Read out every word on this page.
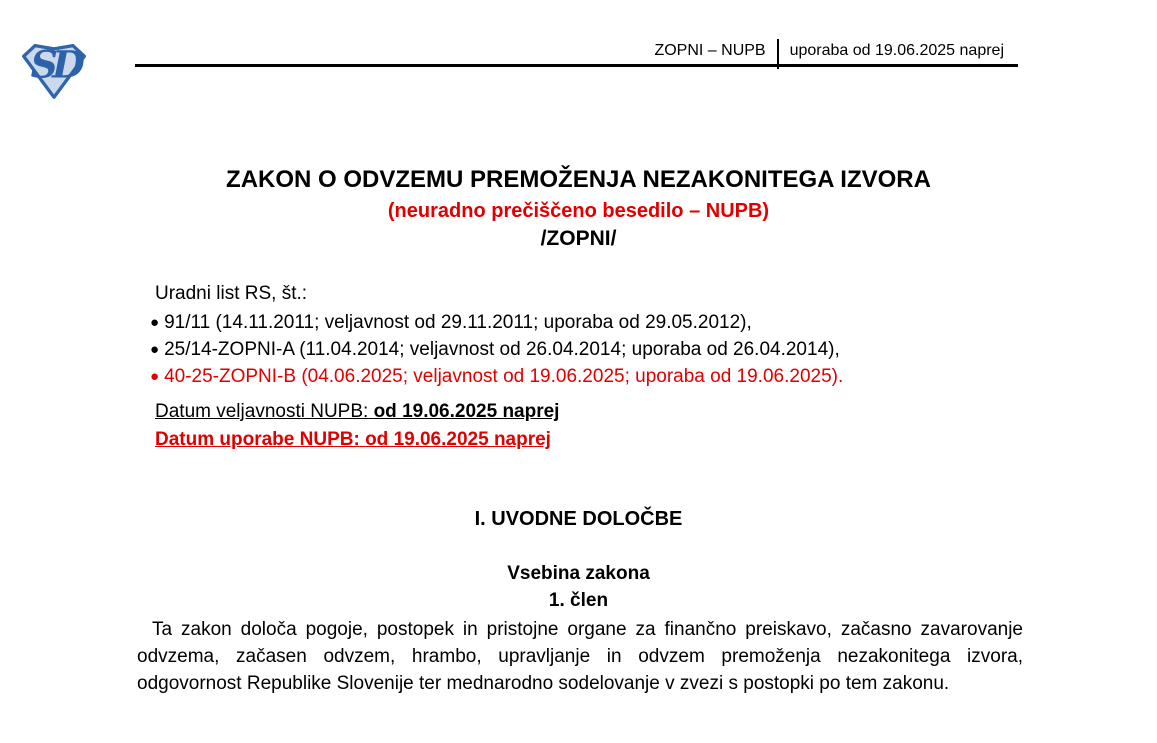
SD	ZOPNI – NUPB uporaba od 19.06.2025 naprej
ZAKON O ODVZEMU PREMOŽENJA NEZAKONITEGA IZVORA
(neuradno prečiščeno besedilo – NUPB)
/ZOPNI/
Uradni list RS, št.:
● 91/11 (14.11.2011; veljavnost od 29.11.2011; uporaba od 29.05.2012),
● 25/14-ZOPNI-A (11.04.2014; veljavnost od 26.04.2014; uporaba od 26.04.2014),
● 40-25-ZOPNI-B (04.06.2025; veljavnost od 19.06.2025; uporaba od 19.06.2025).
Datum veljavnosti NUPB: od 19.06.2025 naprej
Datum uporabe NUPB: od 19.06.2025 naprej
I. UVODNE DOLOČBE
Vsebina zakona
1. člen
Ta zakon določa pogoje, postopek in pristojne organe za finančno preiskavo, začasno zavarovanje odvzema, začasen odvzem, hrambo, upravljanje in odvzem premoženja nezakonitega izvora, odgovornost Republike Slovenije ter mednarodno sodelovanje v zvezi s postopki po tem zakonu.
